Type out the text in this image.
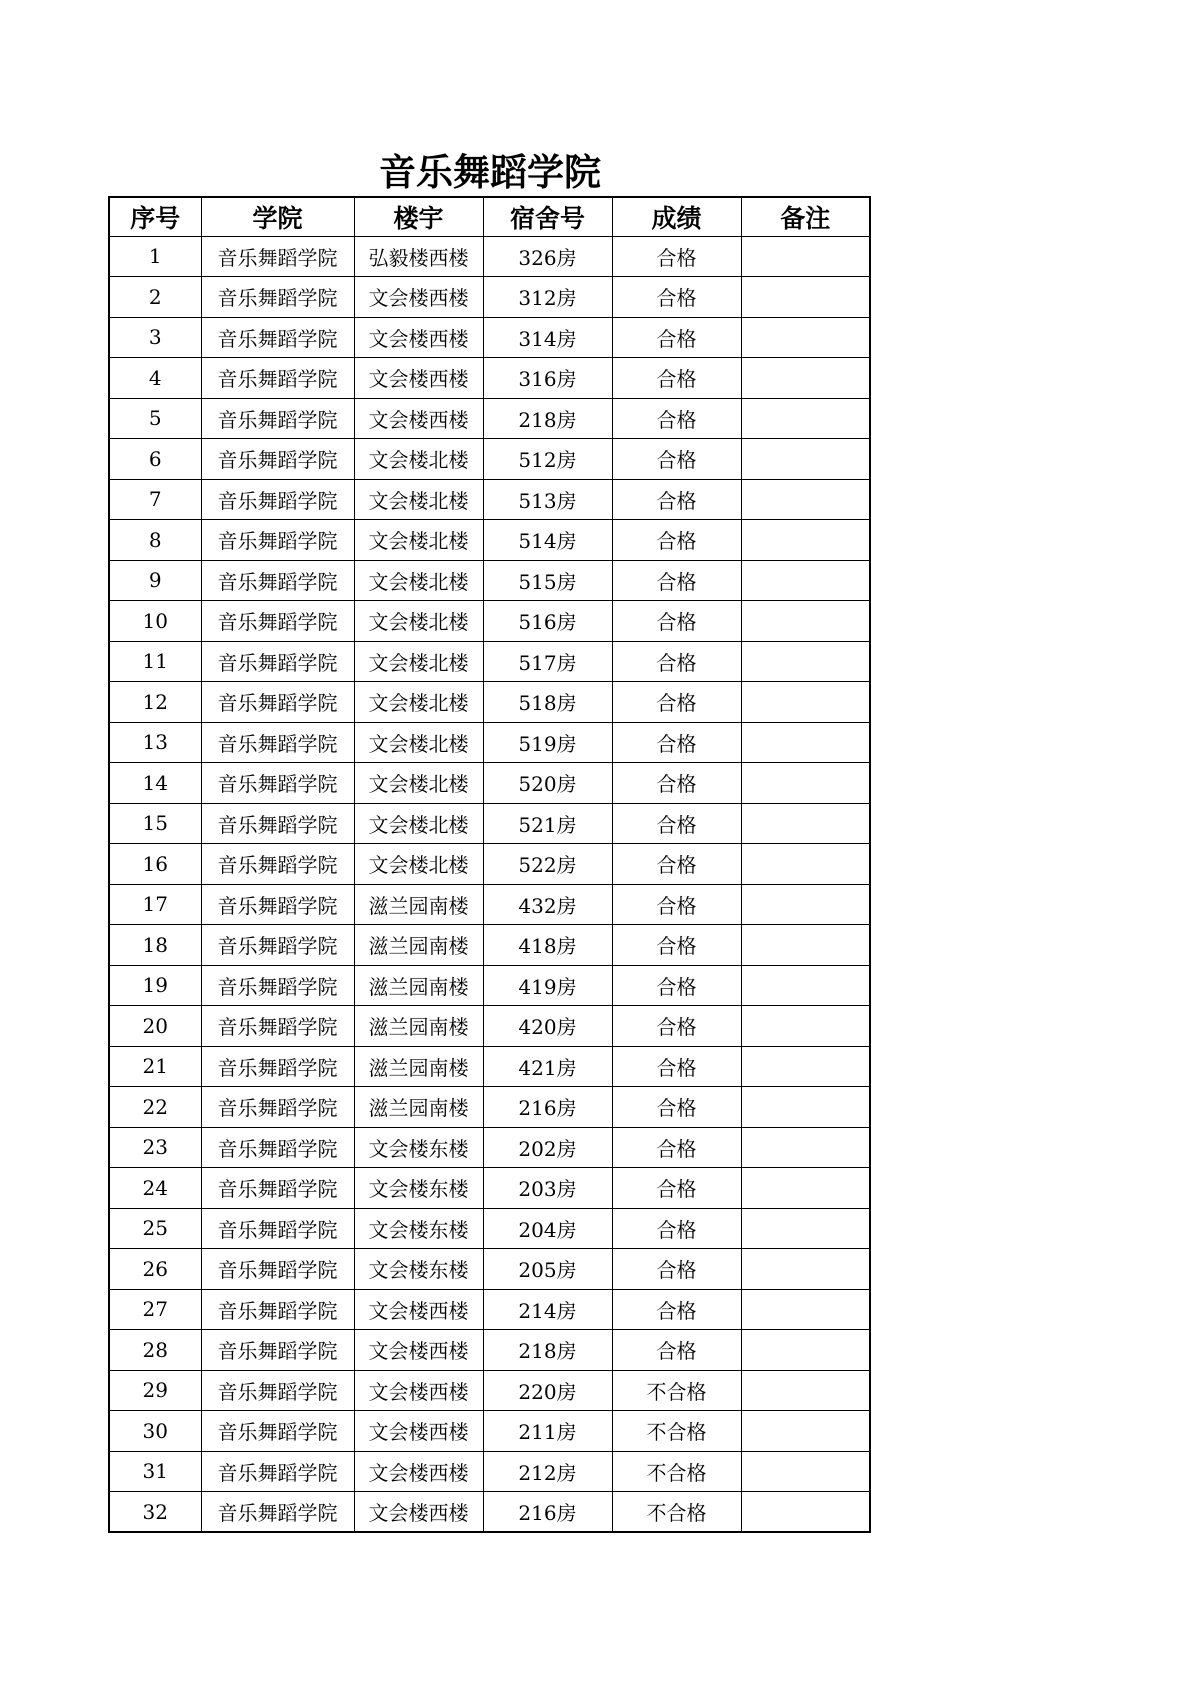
音乐舞蹈学院
序号	学院	楼宇	宿舍号	成绩	备注
1	音乐舞蹈学院	弘毅楼西楼	326房	合格	
2	音乐舞蹈学院	文会楼西楼	312房	合格	
3	音乐舞蹈学院	文会楼西楼	314房	合格	
4	音乐舞蹈学院	文会楼西楼	316房	合格	
5	音乐舞蹈学院	文会楼西楼	218房	合格	
6	音乐舞蹈学院	文会楼北楼	512房	合格	
7	音乐舞蹈学院	文会楼北楼	513房	合格	
8	音乐舞蹈学院	文会楼北楼	514房	合格	
9	音乐舞蹈学院	文会楼北楼	515房	合格	
10	音乐舞蹈学院	文会楼北楼	516房	合格	
11	音乐舞蹈学院	文会楼北楼	517房	合格	
12	音乐舞蹈学院	文会楼北楼	518房	合格	
13	音乐舞蹈学院	文会楼北楼	519房	合格	
14	音乐舞蹈学院	文会楼北楼	520房	合格	
15	音乐舞蹈学院	文会楼北楼	521房	合格	
16	音乐舞蹈学院	文会楼北楼	522房	合格	
17	音乐舞蹈学院	滋兰园南楼	432房	合格	
18	音乐舞蹈学院	滋兰园南楼	418房	合格	
19	音乐舞蹈学院	滋兰园南楼	419房	合格	
20	音乐舞蹈学院	滋兰园南楼	420房	合格	
21	音乐舞蹈学院	滋兰园南楼	421房	合格	
22	音乐舞蹈学院	滋兰园南楼	216房	合格	
23	音乐舞蹈学院	文会楼东楼	202房	合格	
24	音乐舞蹈学院	文会楼东楼	203房	合格	
25	音乐舞蹈学院	文会楼东楼	204房	合格	
26	音乐舞蹈学院	文会楼东楼	205房	合格	
27	音乐舞蹈学院	文会楼西楼	214房	合格	
28	音乐舞蹈学院	文会楼西楼	218房	合格	
29	音乐舞蹈学院	文会楼西楼	220房	不合格	
30	音乐舞蹈学院	文会楼西楼	211房	不合格	
31	音乐舞蹈学院	文会楼西楼	212房	不合格	
32	音乐舞蹈学院	文会楼西楼	216房	不合格	
